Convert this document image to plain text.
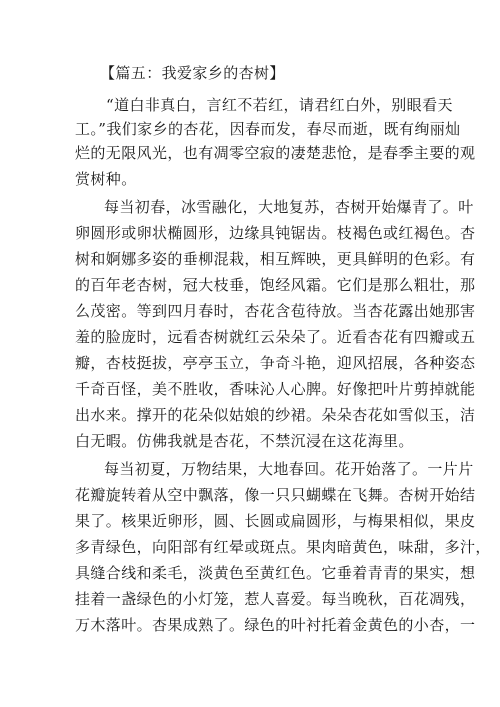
【篇五：我爱家乡的杏树】
“道白非真白，言红不若红，请君红白外，别眼看天
工。”我们家乡的杏花，因春而发，春尽而逝，既有绚丽灿
烂的无限风光，也有凋零空寂的凄楚悲怆，是春季主要的观
赏树种。
每当初春，冰雪融化，大地复苏，杏树开始爆青了。叶
卵圆形或卵状椭圆形，边缘具钝锯齿。枝褐色或红褐色。杏
树和婀娜多姿的垂柳混栽，相互辉映，更具鲜明的色彩。有
的百年老杏树，冠大枝垂，饱经风霜。它们是那么粗壮，那
么茂密。等到四月春时，杏花含苞待放。当杏花露出她那害
羞的脸庞时，远看杏树就红云朵朵了。近看杏花有四瓣或五
瓣，杏枝挺拔，亭亭玉立，争奇斗艳，迎风招展，各种姿态
千奇百怪，美不胜收，香味沁人心脾。好像把叶片剪掉就能
出水来。撑开的花朵似姑娘的纱裙。朵朵杏花如雪似玉，洁
白无暇。仿佛我就是杏花，不禁沉浸在这花海里。
每当初夏，万物结果，大地春回。花开始落了。一片片
花瓣旋转着从空中飘落，像一只只蝴蝶在飞舞。杏树开始结
果了。核果近卵形，圆、长圆或扁圆形，与梅果相似，果皮
多青绿色，向阳部有红晕或斑点。果肉暗黄色，味甜，多汁，
具缝合线和柔毛，淡黄色至黄红色。它垂着青青的果实，想
挂着一盏绿色的小灯笼，惹人喜爱。每当晚秋，百花凋残，
万木落叶。杏果成熟了。绿色的叶衬托着金黄色的小杏，一
